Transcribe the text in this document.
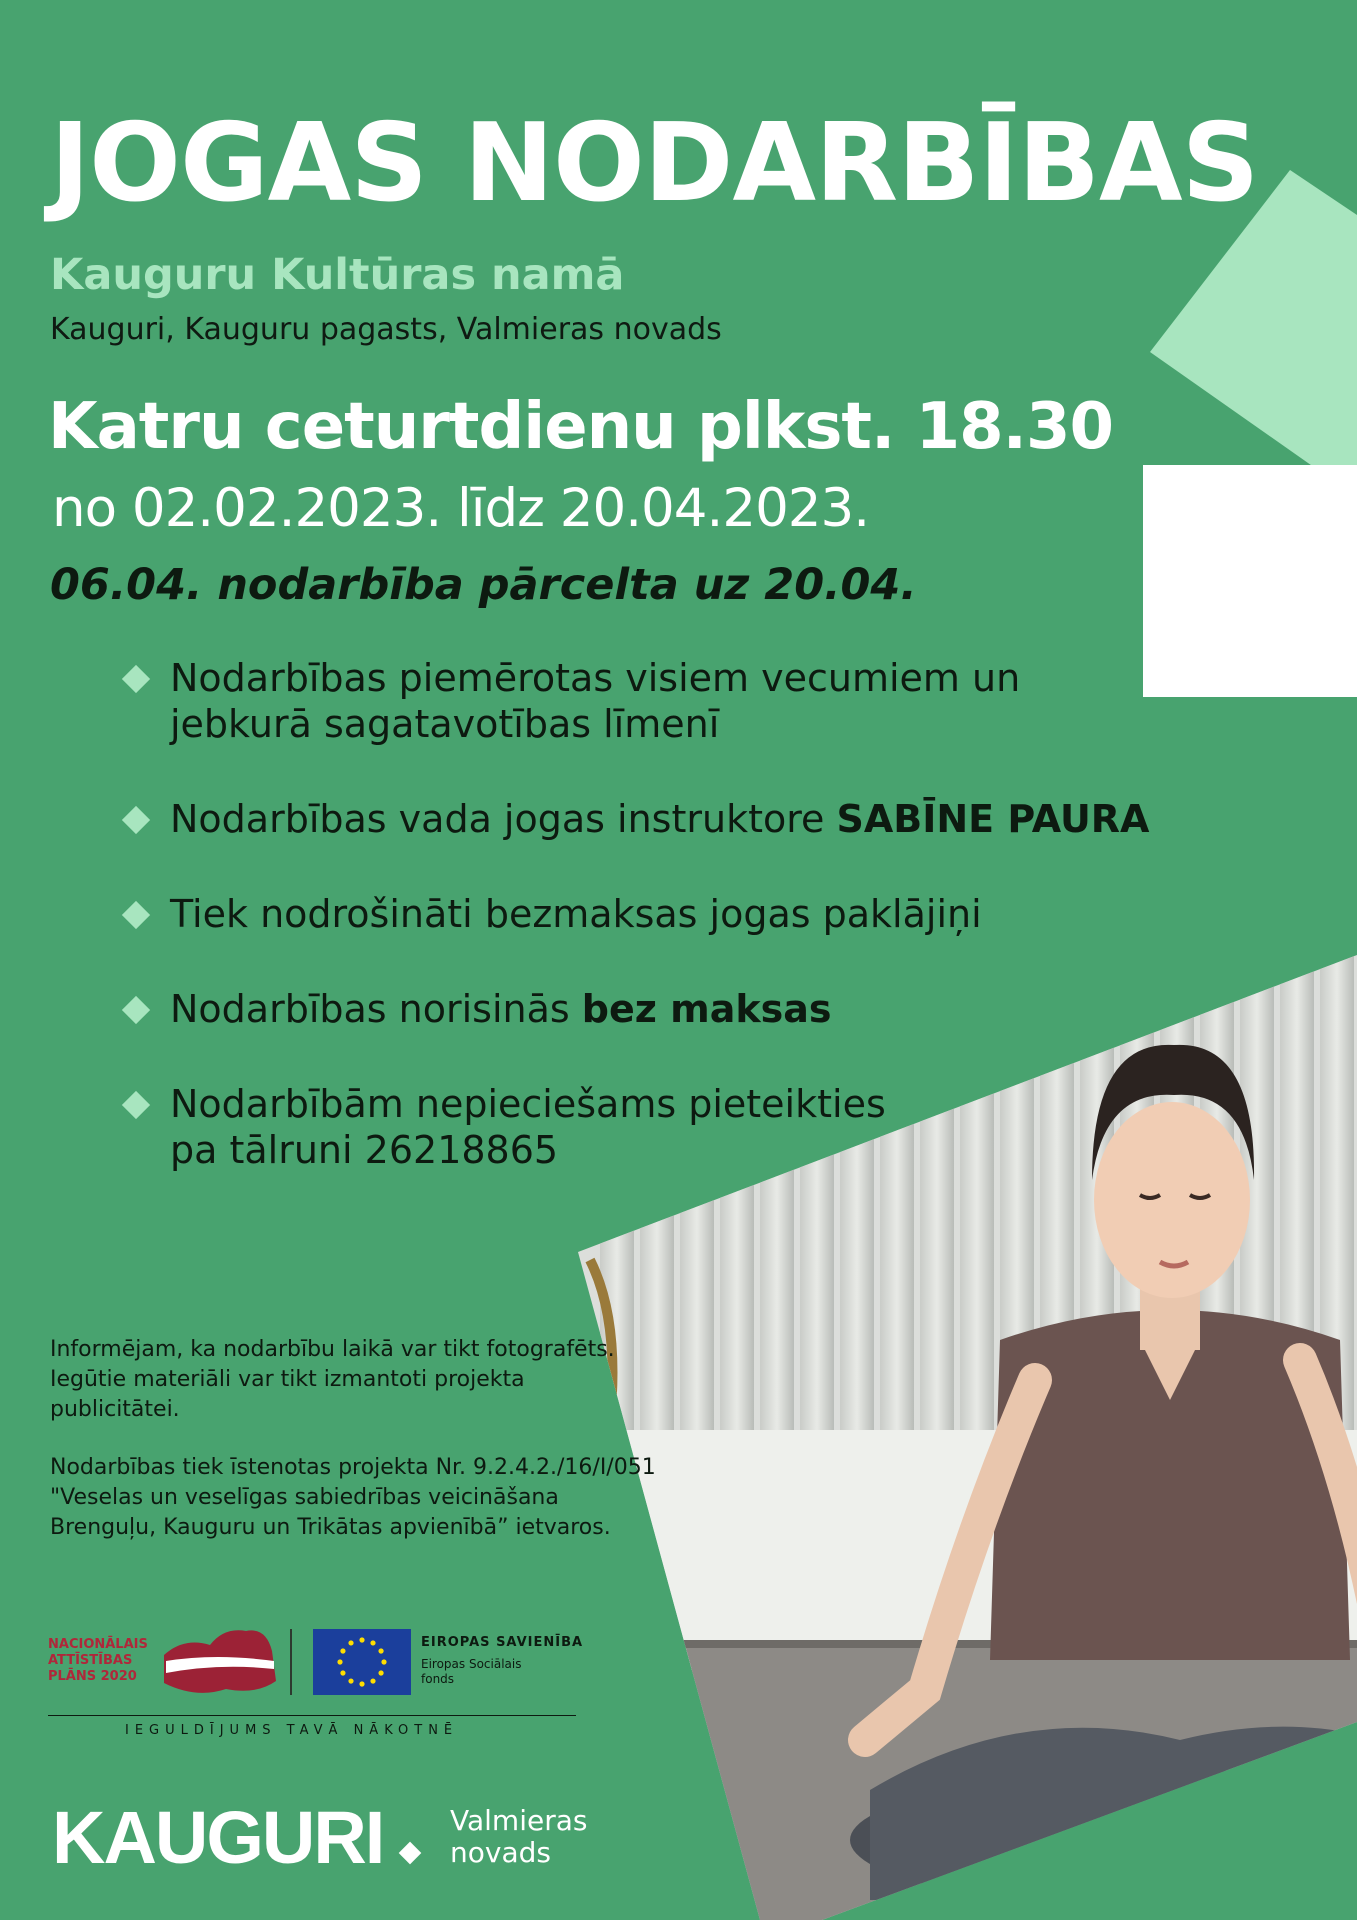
JOGAS NODARBĪBAS
Kauguru Kultūras namā
Kauguri, Kauguru pagasts, Valmieras novads
Katru ceturtdienu plkst. 18.30
no 02.02.2023. līdz 20.04.2023.
06.04. nodarbība pārcelta uz 20.04.
Nodarbības piemērotas visiem vecumiem un jebkurā sagatavotības līmenī
Nodarbības vada jogas instruktore SABĪNE PAURA
Tiek nodrošināti bezmaksas jogas paklājiņi
Nodarbības norisinās bez maksas
Nodarbībām nepieciešams pieteikties pa tālruni 26218865
Informējam, ka nodarbību laikā var tikt fotografēts. Iegūtie materiāli var tikt izmantoti projekta publicitātei.
Nodarbības tiek īstenotas projekta Nr. 9.2.4.2./16/I/051 "Veselas un veselīgas sabiedrības veicināšana Brenguļu, Kauguru un Trikātas apvienībā” ietvaros.
NACIONĀLAIS ATTĪSTĪBAS PLĀNS 2020
EIROPAS SAVIENĪBA
Eiropas Sociālais fonds
IEGULDĪJUMS TAVĀ NĀKOTNĒ
KAUGURI Valmieras novads
